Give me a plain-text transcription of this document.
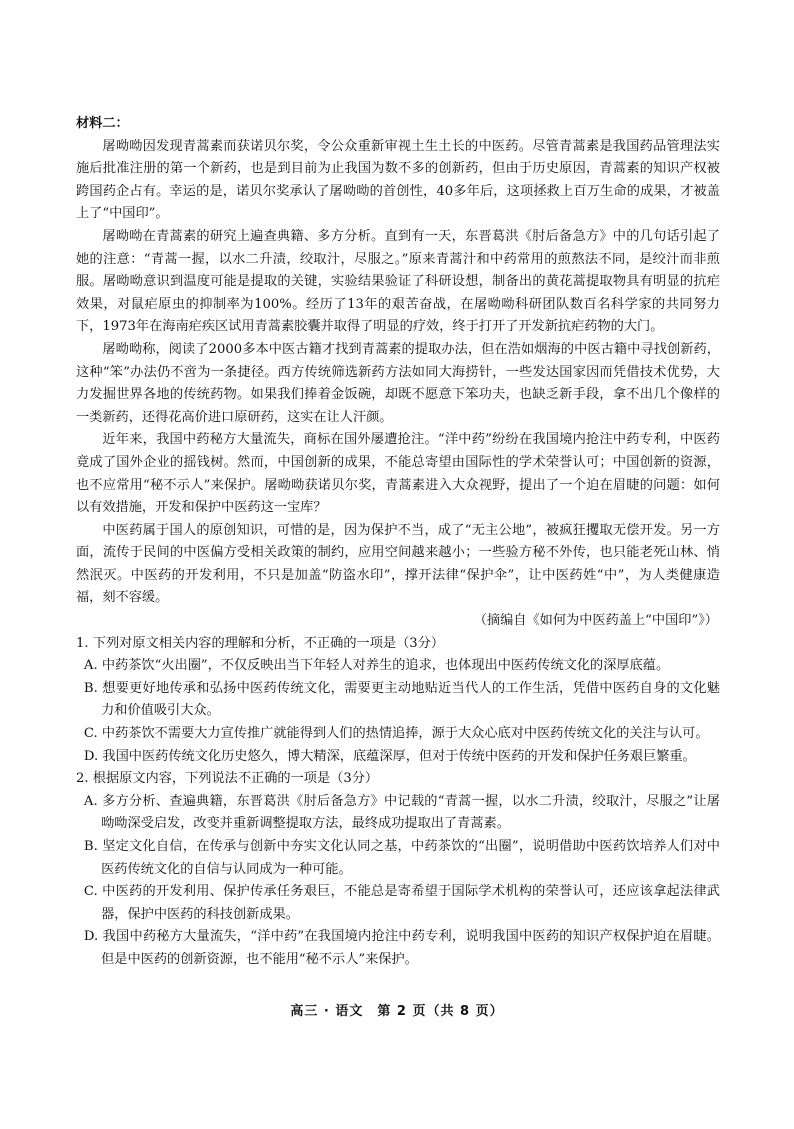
材料二：

屠呦呦因发现青蒿素而获诺贝尔奖，令公众重新审视土生土长的中医药。尽管青蒿素是我国药品管理法实施后批准注册的第一个新药，也是到目前为止我国为数不多的创新药，但由于历史原因，青蒿素的知识产权被跨国药企占有。幸运的是，诺贝尔奖承认了屠呦呦的首创性，40多年后，这项拯救上百万生命的成果，才被盖上了“中国印”。

屠呦呦在青蒿素的研究上遍查典籍、多方分析。直到有一天，东晋葛洪《肘后备急方》中的几句话引起了她的注意：“青蒿一握，以水二升渍，绞取汁，尽服之。”原来青蒿汁和中药常用的煎熬法不同，是绞汁而非煎服。屠呦呦意识到温度可能是提取的关键，实验结果验证了科研设想，制备出的黄花蒿提取物具有明显的抗疟效果，对鼠疟原虫的抑制率为100%。经历了13年的艰苦奋战，在屠呦呦科研团队数百名科学家的共同努力下，1973年在海南疟疾区试用青蒿素胶囊并取得了明显的疗效，终于打开了开发新抗疟药物的大门。

屠呦呦称，阅读了2000多本中医古籍才找到青蒿素的提取办法，但在浩如烟海的中医古籍中寻找创新药，这种“笨”办法仍不啻为一条捷径。西方传统筛选新药方法如同大海捞针，一些发达国家因而凭借技术优势，大力发掘世界各地的传统药物。如果我们捧着金饭碗，却既不愿意下笨功夫，也缺乏新手段，拿不出几个像样的一类新药，还得花高价进口原研药，这实在让人汗颜。

近年来，我国中药秘方大量流失，商标在国外屡遭抢注。“洋中药”纷纷在我国境内抢注中药专利，中医药竟成了国外企业的摇钱树。然而，中国创新的成果，不能总寄望由国际性的学术荣誉认可；中国创新的资源，也不应常用“秘不示人”来保护。屠呦呦获诺贝尔奖，青蒿素进入大众视野，提出了一个迫在眉睫的问题：如何以有效措施，开发和保护中医药这一宝库？

中医药属于国人的原创知识，可惜的是，因为保护不当，成了“无主公地”，被疯狂攫取无偿开发。另一方面，流传于民间的中医偏方受相关政策的制约，应用空间越来越小；一些验方秘不外传，也只能老死山林、悄然泯灭。中医药的开发利用，不只是加盖“防盗水印”，撑开法律“保护伞”，让中医药姓“中”，为人类健康造福，刻不容缓。

（摘编自《如何为中医药盖上“中国印”》）

1. 下列对原文相关内容的理解和分析，不正确的一项是（3分）

A. 中药茶饮“火出圈”，不仅反映出当下年轻人对养生的追求，也体现出中医药传统文化的深厚底蕴。

B. 想要更好地传承和弘扬中医药传统文化，需要更主动地贴近当代人的工作生活，凭借中医药自身的文化魅力和价值吸引大众。

C. 中药茶饮不需要大力宣传推广就能得到人们的热情追捧，源于大众心底对中医药传统文化的关注与认可。

D. 我国中医药传统文化历史悠久，博大精深，底蕴深厚，但对于传统中医药的开发和保护任务艰巨繁重。

2. 根据原文内容，下列说法不正确的一项是（3分）

A. 多方分析、查遍典籍，东晋葛洪《肘后备急方》中记载的“青蒿一握，以水二升渍，绞取汁，尽服之”让屠呦呦深受启发，改变并重新调整提取方法，最终成功提取出了青蒿素。

B. 坚定文化自信，在传承与创新中夯实文化认同之基，中药茶饮的“出圈”，说明借助中医药饮培养人们对中医药传统文化的自信与认同成为一种可能。

C. 中医药的开发利用、保护传承任务艰巨，不能总是寄希望于国际学术机构的荣誉认可，还应该拿起法律武器，保护中医药的科技创新成果。

D. 我国中药秘方大量流失，“洋中药”在我国境内抢注中药专利，说明我国中医药的知识产权保护迫在眉睫。但是中医药的创新资源，也不能用“秘不示人”来保护。

高三 · 语文　第 2 页（共 8 页）
